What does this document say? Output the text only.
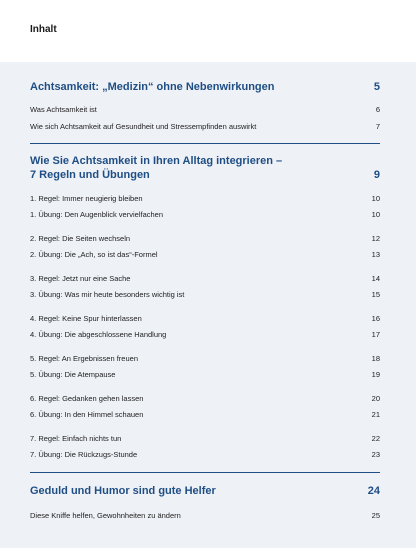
Inhalt
Achtsamkeit: „Medizin“ ohne Nebenwirkungen	5
Was Achtsamkeit ist	6
Wie sich Achtsamkeit auf Gesundheit und Stressempfinden auswirkt	7
Wie Sie Achtsamkeit in Ihren Alltag integrieren –
7 Regeln und Übungen	9
1. Regel: Immer neugierig bleiben	10
1. Übung: Den Augenblick vervielfachen	10
2. Regel: Die Seiten wechseln	12
2. Übung: Die „Ach, so ist das“-Formel	13
3. Regel: Jetzt nur eine Sache	14
3. Übung: Was mir heute besonders wichtig ist	15
4. Regel: Keine Spur hinterlassen	16
4. Übung: Die abgeschlossene Handlung	17
5. Regel: An Ergebnissen freuen	18
5. Übung: Die Atempause	19
6. Regel: Gedanken gehen lassen	20
6. Übung: In den Himmel schauen	21
7. Regel: Einfach nichts tun	22
7. Übung: Die Rückzugs-Stunde	23
Geduld und Humor sind gute Helfer	24
Diese Kniffe helfen, Gewohnheiten zu ändern	25
